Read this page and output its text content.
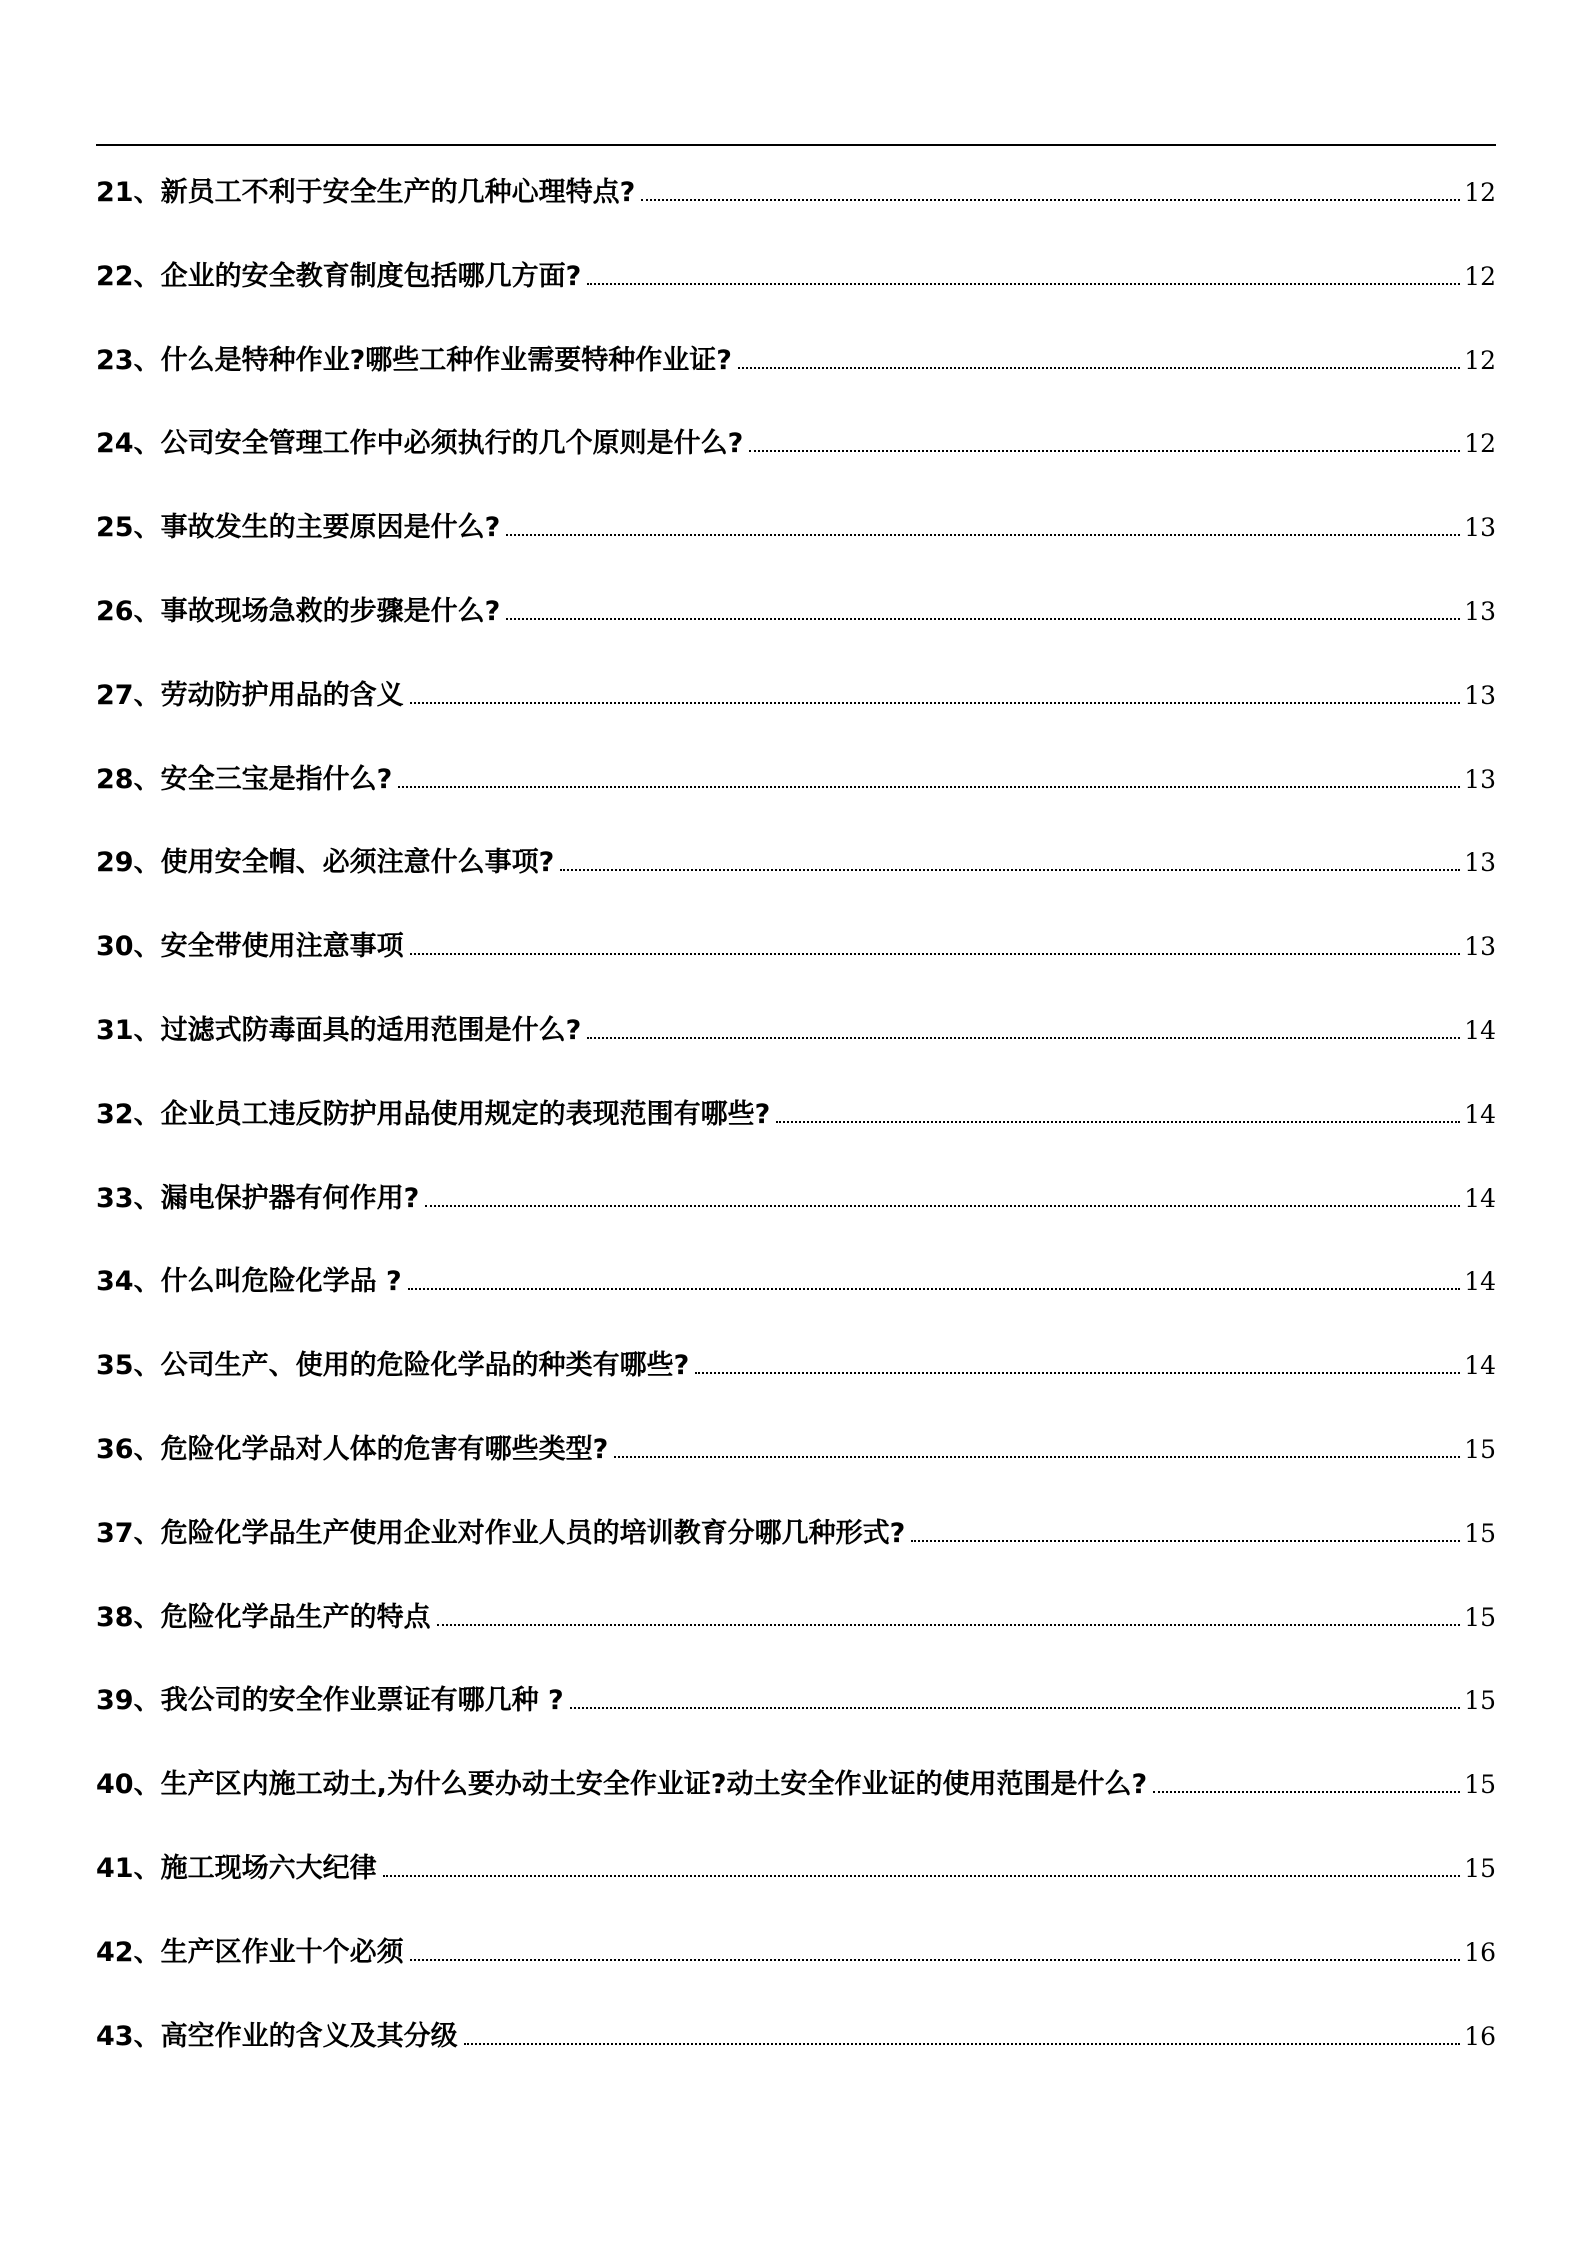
21、新员工不利于安全生产的几种心理特点?	12
22、企业的安全教育制度包括哪几方面?	12
23、什么是特种作业?哪些工种作业需要特种作业证?	12
24、公司安全管理工作中必须执行的几个原则是什么?	12
25、事故发生的主要原因是什么?	13
26、事故现场急救的步骤是什么?	13
27、劳动防护用品的含义	13
28、安全三宝是指什么?	13
29、使用安全帽、必须注意什么事项?	13
30、安全带使用注意事项	13
31、过滤式防毒面具的适用范围是什么?	14
32、企业员工违反防护用品使用规定的表现范围有哪些?	14
33、漏电保护器有何作用?	14
34、什么叫危险化学品 ?	14
35、公司生产、使用的危险化学品的种类有哪些?	14
36、危险化学品对人体的危害有哪些类型?	15
37、危险化学品生产使用企业对作业人员的培训教育分哪几种形式?	15
38、危险化学品生产的特点	15
39、我公司的安全作业票证有哪几种 ?	15
40、生产区内施工动土,为什么要办动土安全作业证?动土安全作业证的使用范围是什么?	15
41、施工现场六大纪律	15
42、生产区作业十个必须	16
43、高空作业的含义及其分级	16
